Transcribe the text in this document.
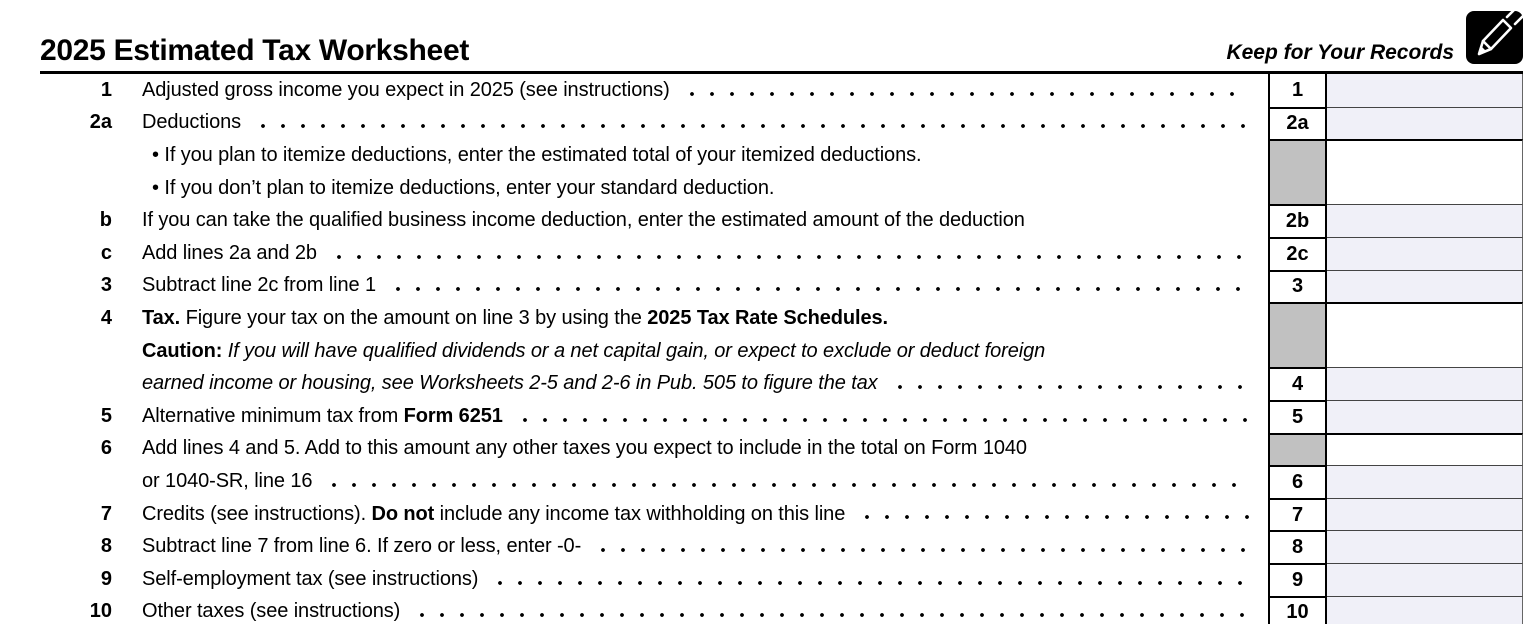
2025 Estimated Tax Worksheet	Keep for Your Records
1 Adjusted gross income you expect in 2025 (see instructions)	1
2a Deductions	2a
• If you plan to itemize deductions, enter the estimated total of your itemized deductions.
• If you don’t plan to itemize deductions, enter your standard deduction.
b If you can take the qualified business income deduction, enter the estimated amount of the deduction	2b
c Add lines 2a and 2b	2c
3 Subtract line 2c from line 1	3
4 Tax. Figure your tax on the amount on line 3 by using the 2025 Tax Rate Schedules.
Caution: If you will have qualified dividends or a net capital gain, or expect to exclude or deduct foreign
earned income or housing, see Worksheets 2-5 and 2-6 in Pub. 505 to figure the tax	4
5 Alternative minimum tax from Form 6251	5
6 Add lines 4 and 5. Add to this amount any other taxes you expect to include in the total on Form 1040
or 1040-SR, line 16	6
7 Credits (see instructions). Do not include any income tax withholding on this line	7
8 Subtract line 7 from line 6. If zero or less, enter -0-	8
9 Self-employment tax (see instructions)	9
10 Other taxes (see instructions)	10
